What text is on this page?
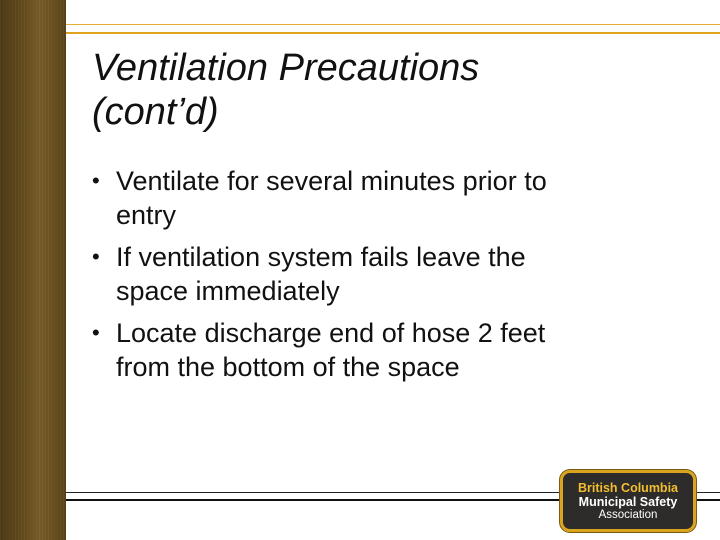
Ventilation Precautions
(cont’d)
• Ventilate for several minutes prior to
entry
• If ventilation system fails leave the
space immediately
• Locate discharge end of hose 2 feet
from the bottom of the space
British Columbia
Municipal Safety
Association
